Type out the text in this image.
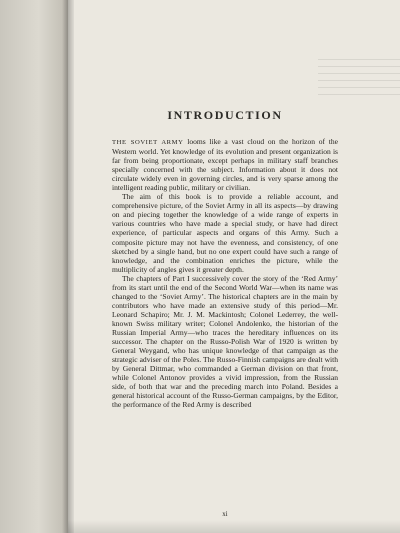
INTRODUCTION

THE SOVIET ARMY looms like a vast cloud on the horizon of the Western world. Yet knowledge of its evolution and present organization is far from being proportionate, except perhaps in military staff branches specially concerned with the subject. Information about it does not circulate widely even in governing circles, and is very sparse among the intelligent reading public, military or civilian.

The aim of this book is to provide a reliable account, and comprehensive picture, of the Soviet Army in all its aspects—by drawing on and piecing together the knowledge of a wide range of experts in various countries who have made a special study, or have had direct experience, of particular aspects and organs of this Army. Such a composite picture may not have the evenness, and consistency, of one sketched by a single hand, but no one expert could have such a range of knowledge, and the combination enriches the picture, while the multiplicity of angles gives it greater depth.

The chapters of Part I successively cover the story of the ‘Red Army’ from its start until the end of the Second World War—when its name was changed to the ‘Soviet Army’. The historical chapters are in the main by contributors who have made an extensive study of this period—Mr. Leonard Schapiro; Mr. J. M. Mackintosh; Colonel Lederrey, the well-known Swiss military writer; Colonel Andolenko, the historian of the Russian Imperial Army—who traces the hereditary influences on its successor. The chapter on the Russo-Polish War of 1920 is written by General Weygand, who has unique knowledge of that campaign as the strategic adviser of the Poles. The Russo-Finnish campaigns are dealt with by General Dittmar, who commanded a German division on that front, while Colonel Antonov provides a vivid impression, from the Russian side, of both that war and the preceding march into Poland. Besides a general historical account of the Russo-German campaigns, by the Editor, the performance of the Red Army is described

xi
